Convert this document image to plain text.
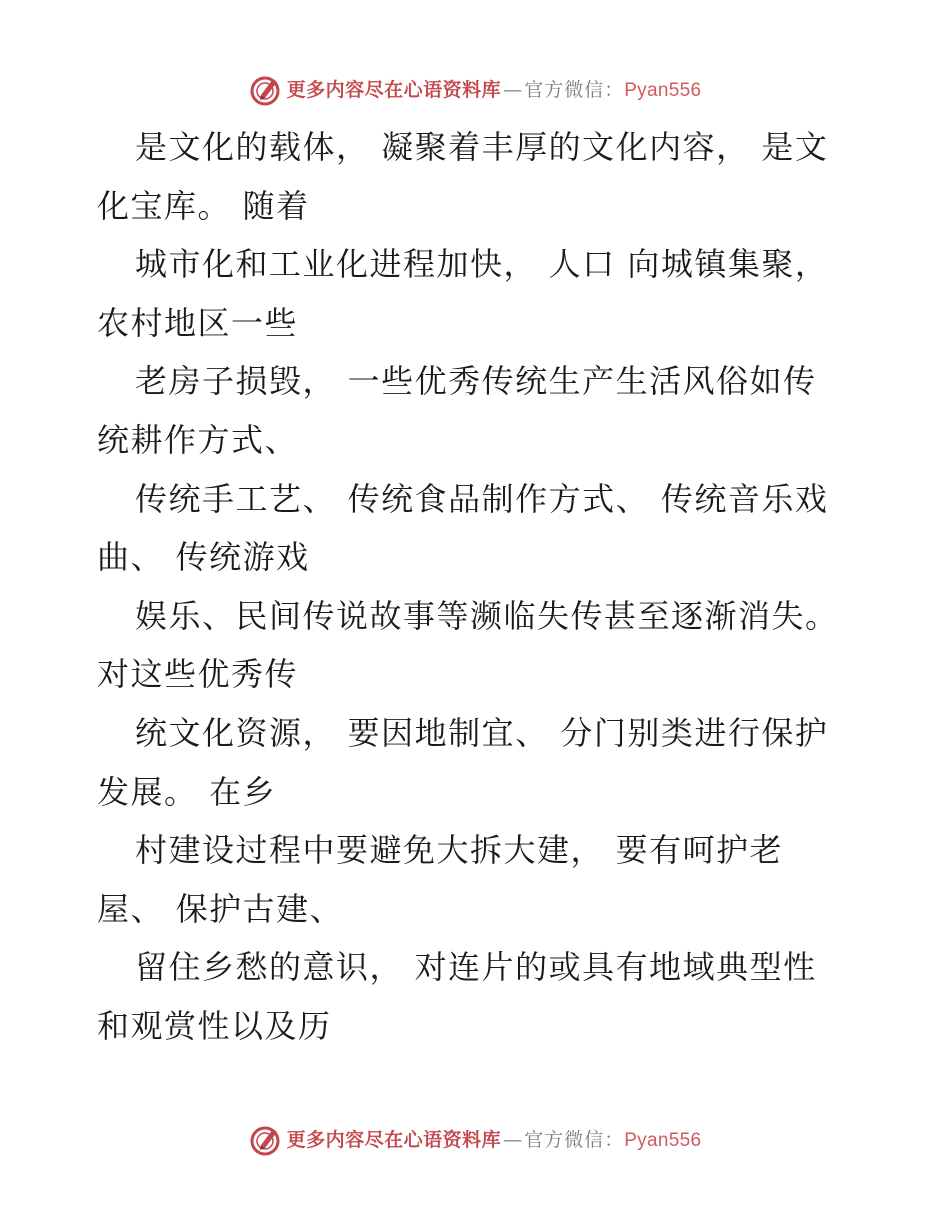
更多内容尽在心语资料库 — 官方微信： Pyan556
是文化的载体， 凝聚着丰厚的文化内容， 是文
化宝库。 随着
城市化和工业化进程加快， 人口 向城镇集聚，
农村地区一些
老房子损毁， 一些优秀传统生产生活风俗如传
统耕作方式、
传统手工艺、 传统食品制作方式、 传统音乐戏
曲、 传统游戏
娱乐、民间传说故事等濒临失传甚至逐渐消失。
对这些优秀传
统文化资源， 要因地制宜、 分门别类进行保护
发展。 在乡
村建设过程中要避免大拆大建， 要有呵护老
屋、 保护古建、
留住乡愁的意识， 对连片的或具有地域典型性
和观赏性以及历
更多内容尽在心语资料库 — 官方微信： Pyan556
